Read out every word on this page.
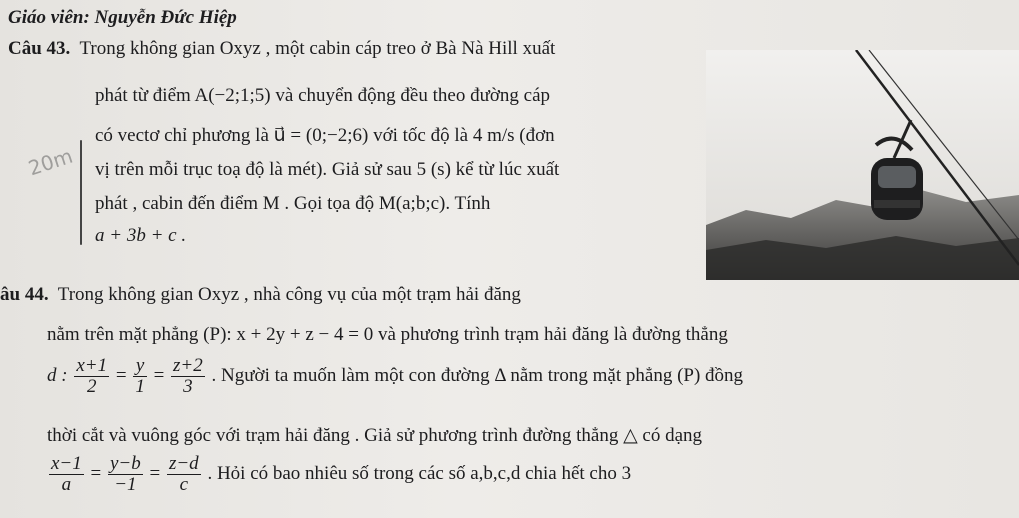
Giáo viên: Nguyễn Đức Hiệp
Câu 43. Trong không gian Oxyz , một cabin cáp treo ở Bà Nà Hill xuất
phát từ điểm A(−2;1;5) và chuyển động đều theo đường cáp
có vectơ chỉ phương là u⃗ = (0;−2;6) với tốc độ là 4 m/s (đơn
vị trên mỗi trục toạ độ là mét). Giả sử sau 5 (s) kể từ lúc xuất
phát , cabin đến điểm M . Gọi tọa độ M(a;b;c). Tính
a + 3b + c .
20m
âu 44. Trong không gian Oxyz , nhà công vụ của một trạm hải đăng
nằm trên mặt phẳng (P): x + 2y + z − 4 = 0 và phương trình trạm hải đăng là đường thẳng
d : $\frac{x+1}{2} = \frac{y}{1} = \frac{z+2}{3}$ . Người ta muốn làm một con đường Δ nằm trong mặt phẳng (P) đồng
thời cắt và vuông góc với trạm hải đăng . Giả sử phương trình đường thẳng △ có dạng
$\frac{x-1}{a} = \frac{y-b}{-1} = \frac{z-d}{c}$ . Hỏi có bao nhiêu số trong các số a,b,c,d chia hết cho 3
